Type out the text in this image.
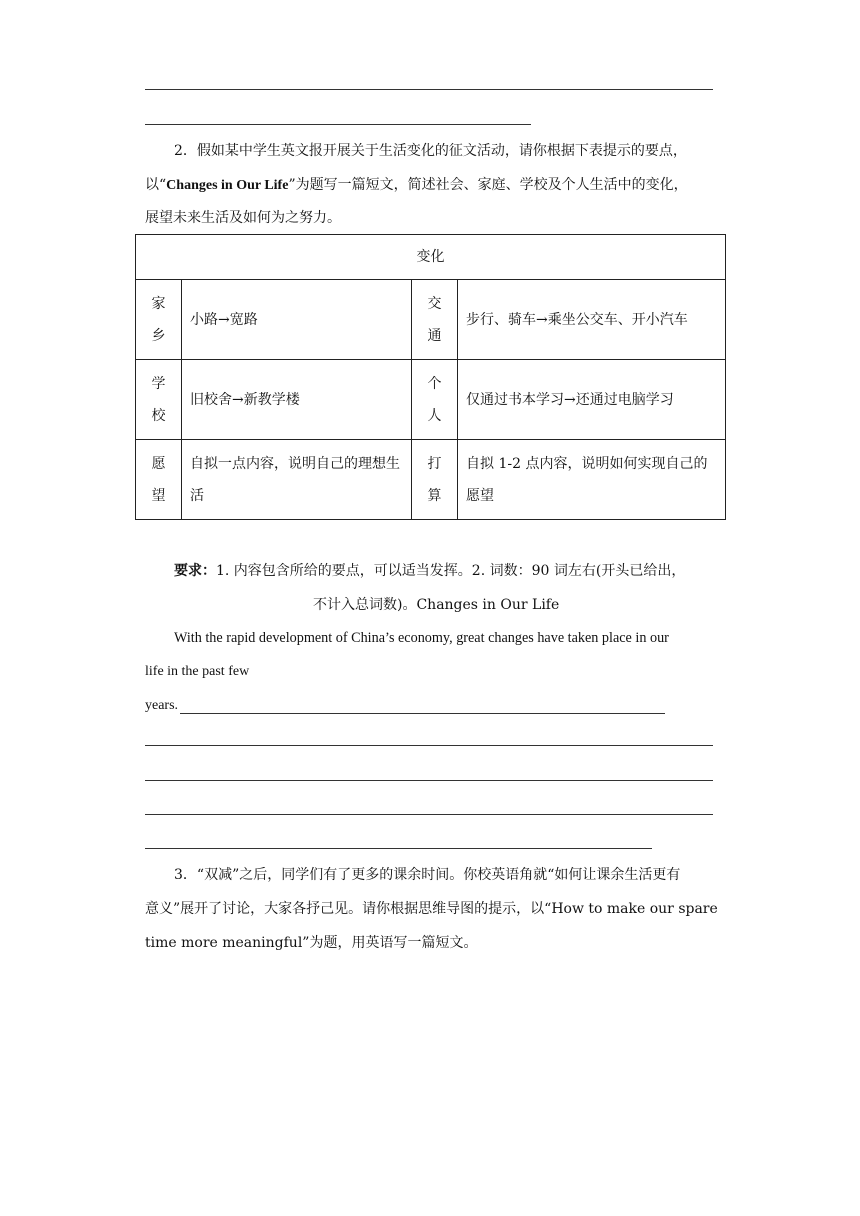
2．假如某中学生英文报开展关于生活变化的征文活动，请你根据下表提示的要点，
以“Changes in Our Life”为题写一篇短文，简述社会、家庭、学校及个人生活中的变化，
展望未来生活及如何为之努力。
变化			

家乡	小路→宽路	交通	步行、骑车→乘坐公交车、开小汽车

学校	旧校舍→新教学楼	个人	仅通过书本学习→还通过电脑学习

愿望	自拟一点内容，说明自己的理想生活	打算	自拟 1-2 点内容，说明如何实现自己的愿望
要求：1. 内容包含所给的要点，可以适当发挥。2. 词数：90 词左右(开头已给出，
不计入总词数)。Changes in Our Life
With the rapid development of China’s economy, great changes have taken place in our
life in the past few
years.
3．“双减”之后，同学们有了更多的课余时间。你校英语角就“如何让课余生活更有
意义”展开了讨论，大家各抒己见。请你根据思维导图的提示，以“How to make our spare
time more meaningful”为题，用英语写一篇短文。
